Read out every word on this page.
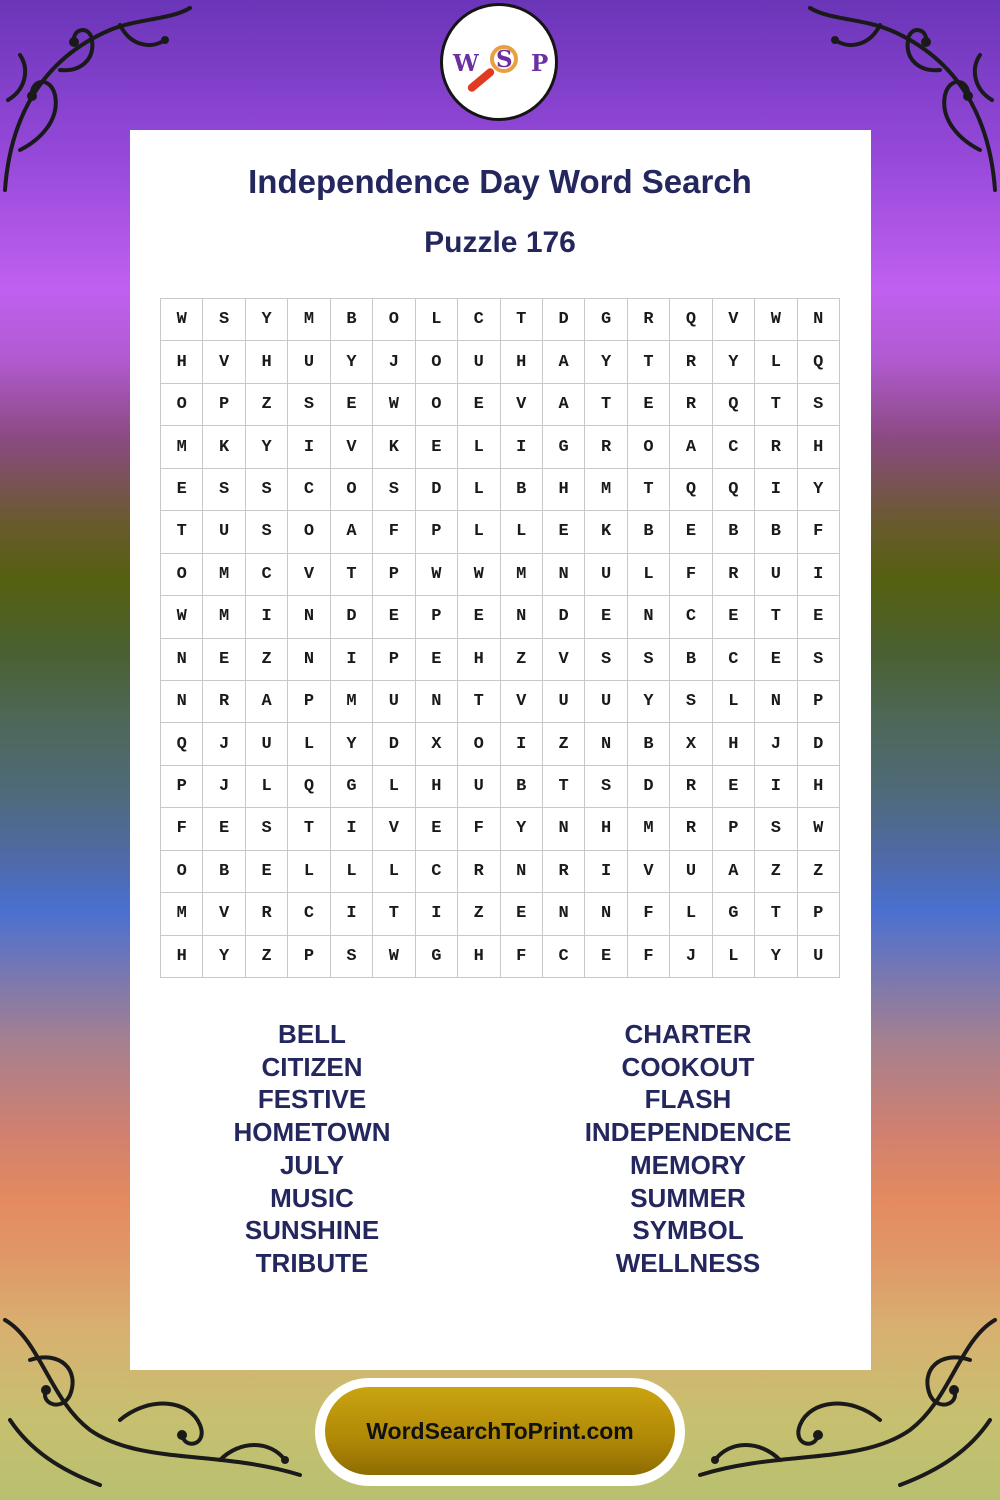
W S P
Independence Day Word Search
Puzzle 176
W	S	Y	M	B	O	L	C	T	D	G	R	Q	V	W	N
H	V	H	U	Y	J	O	U	H	A	Y	T	R	Y	L	Q
O	P	Z	S	E	W	O	E	V	A	T	E	R	Q	T	S
M	K	Y	I	V	K	E	L	I	G	R	O	A	C	R	H
E	S	S	C	O	S	D	L	B	H	M	T	Q	Q	I	Y
T	U	S	O	A	F	P	L	L	E	K	B	E	B	B	F
O	M	C	V	T	P	W	W	M	N	U	L	F	R	U	I
W	M	I	N	D	E	P	E	N	D	E	N	C	E	T	E
N	E	Z	N	I	P	E	H	Z	V	S	S	B	C	E	S
N	R	A	P	M	U	N	T	V	U	U	Y	S	L	N	P
Q	J	U	L	Y	D	X	O	I	Z	N	B	X	H	J	D
P	J	L	Q	G	L	H	U	B	T	S	D	R	E	I	H
F	E	S	T	I	V	E	F	Y	N	H	M	R	P	S	W
O	B	E	L	L	L	C	R	N	R	I	V	U	A	Z	Z
M	V	R	C	I	T	I	Z	E	N	N	F	L	G	T	P
H	Y	Z	P	S	W	G	H	F	C	E	F	J	L	Y	U
BELL
CITIZEN
FESTIVE
HOMETOWN
JULY
MUSIC
SUNSHINE
TRIBUTE
CHARTER
COOKOUT
FLASH
INDEPENDENCE
MEMORY
SUMMER
SYMBOL
WELLNESS
WordSearchToPrint.com
